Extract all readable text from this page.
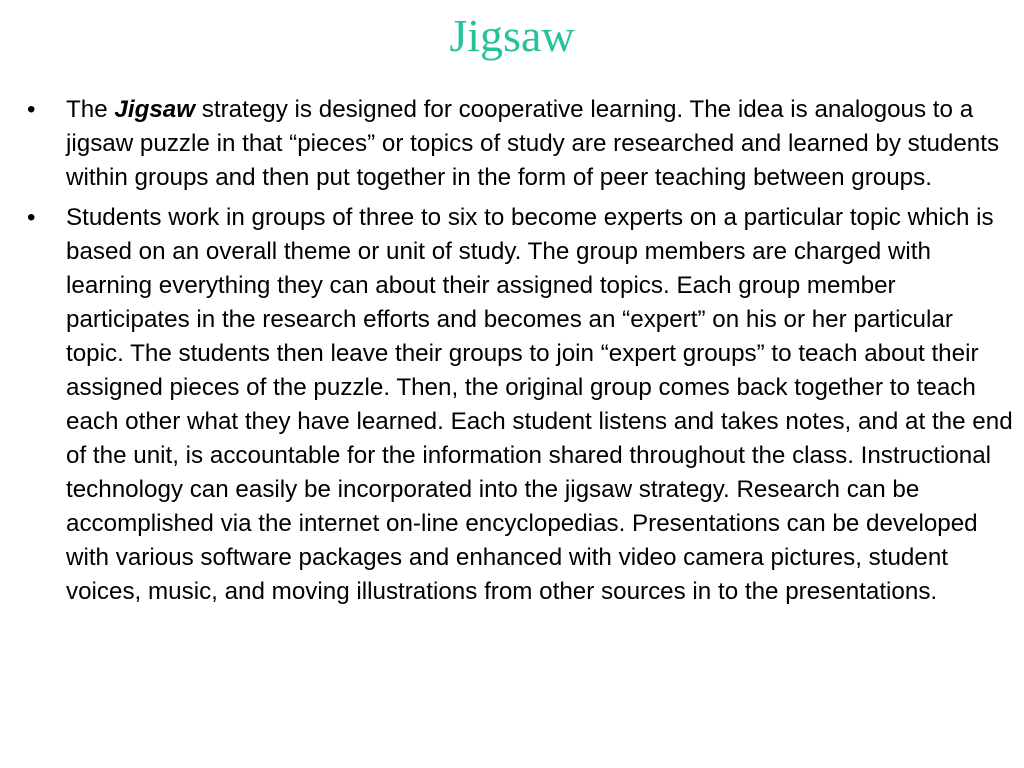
Jigsaw
•	The Jigsaw strategy is designed for cooperative learning. The idea is analogous to a jigsaw puzzle in that “pieces” or topics of study are researched and learned by students within groups and then put together in the form of peer teaching between groups.
•	Students work in groups of three to six to become experts on a particular topic which is based on an overall theme or unit of study. The group members are charged with learning everything they can about their assigned topics. Each group member participates in the research efforts and becomes an “expert” on his or her particular topic. The students then leave their groups to join “expert groups” to teach about their assigned pieces of the puzzle. Then, the original group comes back together to teach each other what they have learned. Each student listens and takes notes, and at the end of the unit, is accountable for the information shared throughout the class. Instructional technology can easily be incorporated into the jigsaw strategy. Research can be accomplished via the internet on-line encyclopedias. Presentations can be developed with various software packages and enhanced with video camera pictures, student voices, music, and moving illustrations from other sources in to the presentations.
